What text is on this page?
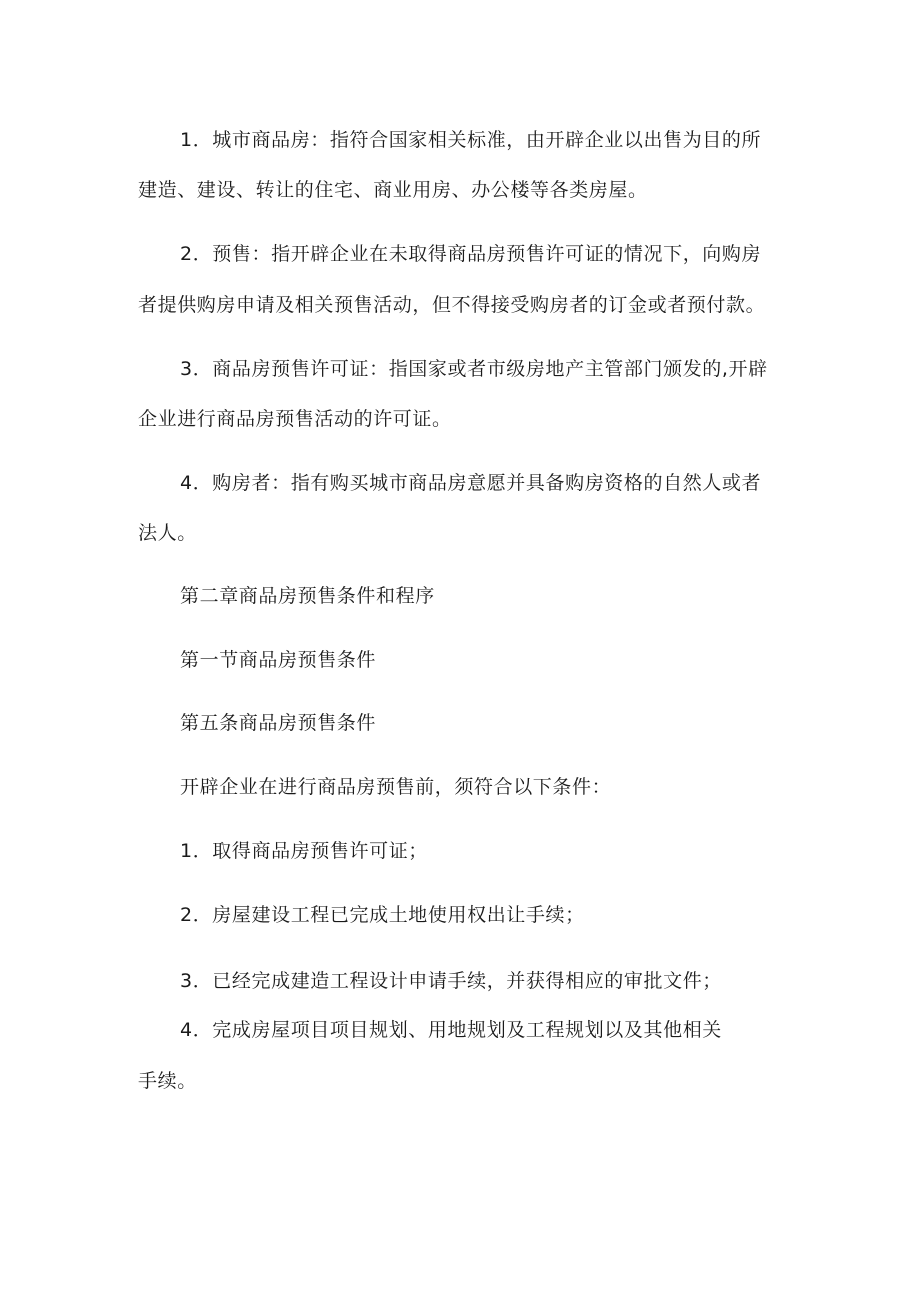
1．城市商品房：指符合国家相关标准，由开辟企业以出售为目的所
建造、建设、转让的住宅、商业用房、办公楼等各类房屋。
2．预售：指开辟企业在未取得商品房预售许可证的情况下，向购房
者提供购房申请及相关预售活动，但不得接受购房者的订金或者预付款。
3．商品房预售许可证：指国家或者市级房地产主管部门颁发的,开辟
企业进行商品房预售活动的许可证。
4．购房者：指有购买城市商品房意愿并具备购房资格的自然人或者
法人。
第二章商品房预售条件和程序
第一节商品房预售条件
第五条商品房预售条件
开辟企业在进行商品房预售前，须符合以下条件：
1．取得商品房预售许可证；
2．房屋建设工程已完成土地使用权出让手续；
3．已经完成建造工程设计申请手续，并获得相应的审批文件；
4．完成房屋项目项目规划、用地规划及工程规划以及其他相关
手续。
